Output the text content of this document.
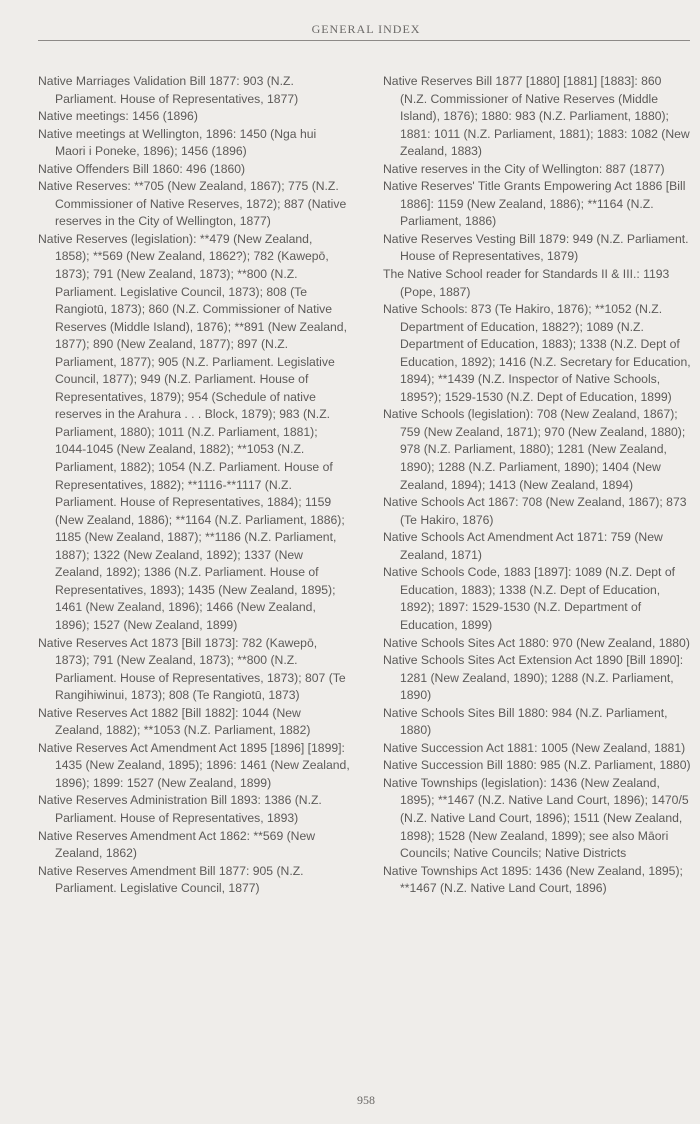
GENERAL INDEX

Native Marriages Validation Bill 1877: 903 (N.Z. Parliament. House of Representatives, 1877)

Native meetings: 1456 (1896)

Native meetings at Wellington, 1896: 1450 (Nga hui Maori i Poneke, 1896); 1456 (1896)

Native Offenders Bill 1860: 496 (1860)

Native Reserves: **705 (New Zealand, 1867); 775 (N.Z. Commissioner of Native Reserves, 1872); 887 (Native reserves in the City of Wellington, 1877)

Native Reserves (legislation): **479 (New Zealand, 1858); **569 (New Zealand, 1862?); 782 (Kawepō, 1873); 791 (New Zealand, 1873); **800 (N.Z. Parliament. Legislative Council, 1873); 808 (Te Rangiotū, 1873); 860 (N.Z. Commissioner of Native Reserves (Middle Island), 1876); **891 (New Zealand, 1877); 890 (New Zealand, 1877); 897 (N.Z. Parliament, 1877); 905 (N.Z. Parliament. Legislative Council, 1877); 949 (N.Z. Parliament. House of Representatives, 1879); 954 (Schedule of native reserves in the Arahura . . . Block, 1879); 983 (N.Z. Parliament, 1880); 1011 (N.Z. Parliament, 1881); 1044-1045 (New Zealand, 1882); **1053 (N.Z. Parliament, 1882); 1054 (N.Z. Parliament. House of Representatives, 1882); **1116-**1117 (N.Z. Parliament. House of Representatives, 1884); 1159 (New Zealand, 1886); **1164 (N.Z. Parliament, 1886); 1185 (New Zealand, 1887); **1186 (N.Z. Parliament, 1887); 1322 (New Zealand, 1892); 1337 (New Zealand, 1892); 1386 (N.Z. Parliament. House of Representatives, 1893); 1435 (New Zealand, 1895); 1461 (New Zealand, 1896); 1466 (New Zealand, 1896); 1527 (New Zealand, 1899)

Native Reserves Act 1873 [Bill 1873]: 782 (Kawepō, 1873); 791 (New Zealand, 1873); **800 (N.Z. Parliament. House of Representatives, 1873); 807 (Te Rangihiwinui, 1873); 808 (Te Rangiotū, 1873)

Native Reserves Act 1882 [Bill 1882]: 1044 (New Zealand, 1882); **1053 (N.Z. Parliament, 1882)

Native Reserves Act Amendment Act 1895 [1896] [1899]: 1435 (New Zealand, 1895); 1896: 1461 (New Zealand, 1896); 1899: 1527 (New Zealand, 1899)

Native Reserves Administration Bill 1893: 1386 (N.Z. Parliament. House of Representatives, 1893)

Native Reserves Amendment Act 1862: **569 (New Zealand, 1862)

Native Reserves Amendment Bill 1877: 905 (N.Z. Parliament. Legislative Council, 1877)

Native Reserves Bill 1877 [1880] [1881] [1883]: 860 (N.Z. Commissioner of Native Reserves (Middle Island), 1876); 1880: 983 (N.Z. Parliament, 1880); 1881: 1011 (N.Z. Parliament, 1881); 1883: 1082 (New Zealand, 1883)

Native reserves in the City of Wellington: 887 (1877)

Native Reserves' Title Grants Empowering Act 1886 [Bill 1886]: 1159 (New Zealand, 1886); **1164 (N.Z. Parliament, 1886)

Native Reserves Vesting Bill 1879: 949 (N.Z. Parliament. House of Representatives, 1879)

The Native School reader for Standards II & III.: 1193 (Pope, 1887)

Native Schools: 873 (Te Hakiro, 1876); **1052 (N.Z. Department of Education, 1882?); 1089 (N.Z. Department of Education, 1883); 1338 (N.Z. Dept of Education, 1892); 1416 (N.Z. Secretary for Education, 1894); **1439 (N.Z. Inspector of Native Schools, 1895?); 1529-1530 (N.Z. Dept of Education, 1899)

Native Schools (legislation): 708 (New Zealand, 1867); 759 (New Zealand, 1871); 970 (New Zealand, 1880); 978 (N.Z. Parliament, 1880); 1281 (New Zealand, 1890); 1288 (N.Z. Parliament, 1890); 1404 (New Zealand, 1894); 1413 (New Zealand, 1894)

Native Schools Act 1867: 708 (New Zealand, 1867); 873 (Te Hakiro, 1876)

Native Schools Act Amendment Act 1871: 759 (New Zealand, 1871)

Native Schools Code, 1883 [1897]: 1089 (N.Z. Dept of Education, 1883); 1338 (N.Z. Dept of Education, 1892); 1897: 1529-1530 (N.Z. Department of Education, 1899)

Native Schools Sites Act 1880: 970 (New Zealand, 1880)

Native Schools Sites Act Extension Act 1890 [Bill 1890]: 1281 (New Zealand, 1890); 1288 (N.Z. Parliament, 1890)

Native Schools Sites Bill 1880: 984 (N.Z. Parliament, 1880)

Native Succession Act 1881: 1005 (New Zealand, 1881)

Native Succession Bill 1880: 985 (N.Z. Parliament, 1880)

Native Townships (legislation): 1436 (New Zealand, 1895); **1467 (N.Z. Native Land Court, 1896); 1470/5 (N.Z. Native Land Court, 1896); 1511 (New Zealand, 1898); 1528 (New Zealand, 1899); see also Māori Councils; Native Councils; Native Districts

Native Townships Act 1895: 1436 (New Zealand, 1895); **1467 (N.Z. Native Land Court, 1896)

958
